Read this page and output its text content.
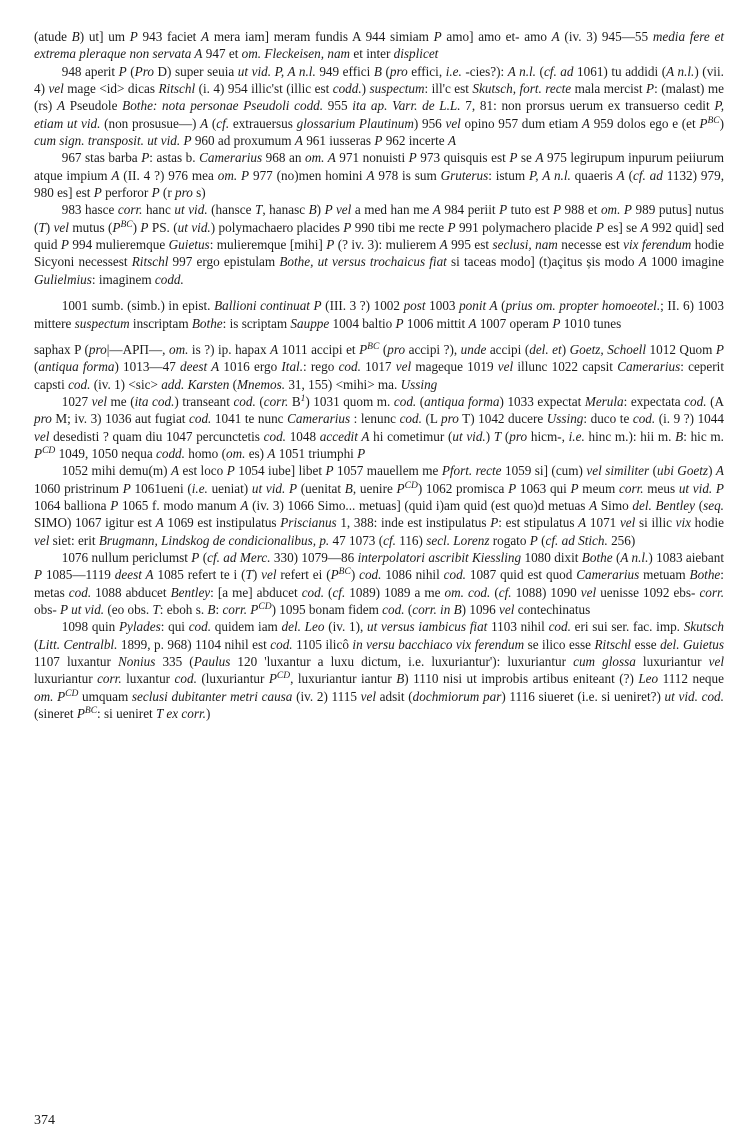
(atude B) ut] um P 943 faciet A mera iam] meram fundis A 944 simiam P amo] amo et- amo A (iv. 3) 945—55 media fere et extrema pleraque non servata A 947 et om. Fleckeisen, nam et inter displicet

948 aperit P (Pro D) super seuia ut vid. P, A n.l. 949 effici B (pro effici, i.e. -cies?): A n.l. (cf. ad 1061) tu addidi (A n.l.) (vii. 4) vel mage <id> dicas Ritschl (i. 4) 954 illic'st (illic est codd.) suspectum: ill'c est Skutsch, fort. recte mala mercist P: (malast) me (rs) A Pseudole Bothe: nota personae Pseudoli codd. 955 ita ap. Varr. de L.L. 7, 81: non prorsus uerum ex transuerso cedit P, etiam ut vid. (non prosusue—) A (cf. extrauersus glossarium Plautinum) 956 vel opino 957 dum etiam A 959 dolos ego e (et $P^{BC}$) cum sign. transposit. ut vid. P 960 ad proxumum A 961 iusseras P 962 incerte A

967 stas barba P: astas b. Camerarius 968 an om. A 971 nonuisti P 973 quisquis est P se A 975 legirupum inpurum peiiurum atque impium A (II. 4 ?) 976 mea om. P 977 (no)men homini A 978 is sum Gruterus: istum P, A n.l. quaeris A (cf. ad 1132) 979, 980 es] est P perforor P (r pro s)

983 hasce corr. hanc ut vid. (hansce T, hanasc B) P vel a med han me A 984 periit P tuto est P 988 et om. P 989 putus] nutus (T) vel mutus $(P^{BC})$ P PS. (ut vid.) polymachaero placides P 990 tibi me recte P 991 polymachero placide P es] se A 992 quid] sed quid P 994 mulieremque Guietus: mulieremque [mihi] P (? iv. 3): mulierem A 995 est seclusi, nam necesse est vix ferendum hodie Sicyoni necessest Ritschl 997 ergo epistulam Bothe, ut versus trochaicus fiat si taceas modo] (t)açitus șis modo A 1000 imagine Gulielmius: imaginem codd.

1001 sumb. (simb.) in epist. Ballioni continuat P (III. 3 ?) 1002 post 1003 ponit A (prius om. propter homoeotel.; II. 6) 1003 mittere suspectum inscriptam Bothe: is scriptam Sauppe 1004 baltio P 1006 mittit A 1007 operam P 1010 tunes

saphax P (pro|—АΡΠ—, om. is ?) ip. hapax A 1011 accipi et $P^{BC}$ (pro accipi ?), unde accipi (del. et) Goetz, Schoell 1012 Quom P (antiqua forma) 1013—47 deest A 1016 ergo Ital.: rego cod. 1017 vel mageque 1019 vel illunc 1022 capsit Camerarius: ceperit capsti cod. (iv. 1) <sic> add. Karsten (Mnemos. 31, 155) <mihi> ma. Ussing

1027 vel me (ita cod.) transeant cod. (corr. $B^1$) 1031 quom m. cod. (antiqua forma) 1033 expectat Merula: expectata cod. (A pro M; iv. 3) 1036 aut fugiat cod. 1041 te nunc Camerarius : lenunc cod. (L pro T) 1042 ducere Ussing: duco te cod. (i. 9 ?) 1044 vel desedisti ? quam diu 1047 percunctetis cod. 1048 accedit A hi cometimur (ut vid.) T (pro hicm-, i.e. hinc m.): hii m. B: hic m. $P^{CD}$ 1049, 1050 nequa codd. homo (om. es) A 1051 triumphi P

1052 mihi demu(m) A est loco P 1054 iube] libet P 1057 mauellem me Pfort. recte 1059 si] (cum) vel similiter (ubi Goetz) A 1060 pristrinum P 1061ueni (i.e. ueniat) ut vid. P (uenitat B, uenire $P^{CD}$) 1062 promisca P 1063 qui P meum corr. meus ut vid. P 1064 balliona P 1065 f. modo manum A (iv. 3) 1066 Simo... metuas] (quid i)am quid (est quo)d metuas A Simo del. Bentley (seq. SIMO) 1067 igitur est A 1069 est instipulatus Priscianus 1, 388: inde est instipulatus P: est stipulatus A 1071 vel si illic vix hodie vel siet: erit Brugmann, Lindskog de condicionalibus, p. 47 1073 (cf. 116) secl. Lorenz rogato P (cf. ad Stich. 256)

1076 nullum periclumst P (cf. ad Merc. 330) 1079—86 interpolatori ascribit Kiessling 1080 dixit Bothe (A n.l.) 1083 aiebant P 1085—1119 deest A 1085 refert te i (T) vel refert ei $(P^{BC})$ cod. 1086 nihil cod. 1087 quid est quod Camerarius metuam Bothe: metas cod. 1088 abducet Bentley: [a me] abducet cod. (cf. 1089) 1089 a me om. cod. (cf. 1088) 1090 vel uenisse 1092 ebs- corr. obs- P ut vid. (eo obs. T: eboh s. B: corr. $P^{CD}$) 1095 bonam fidem cod. (corr. in B) 1096 vel contechinatus

1098 quin Pylades: qui cod. quidem iam del. Leo (iv. 1), ut versus iambicus fiat 1103 nihil cod. eri sui ser. fac. imp. Skutsch (Litt. Centralbl. 1899, p. 968) 1104 nihil est cod. 1105 ilicô in versu bacchiaco vix ferendum se ilico esse Ritschl esse del. Guietus 1107 luxantur Nonius 335 (Paulus 120 'luxantur a luxu dictum, i.e. luxuriantur'): luxuriantur cum glossa luxuriantur vel luxuriantur corr. luxantur cod. (luxuriantur $P^{CD}$, luxuriantur iantur B) 1110 nisi ut improbis artibus eniteant (?) Leo 1112 neque om. $P^{CD}$ umquam seclusi dubitanter metri causa (iv. 2) 1115 vel adsit (dochmiorum par) 1116 siueret (i.e. si ueniret?) ut vid. cod. (sineret $P^{BC}$: si ueniret T ex corr.)

374
